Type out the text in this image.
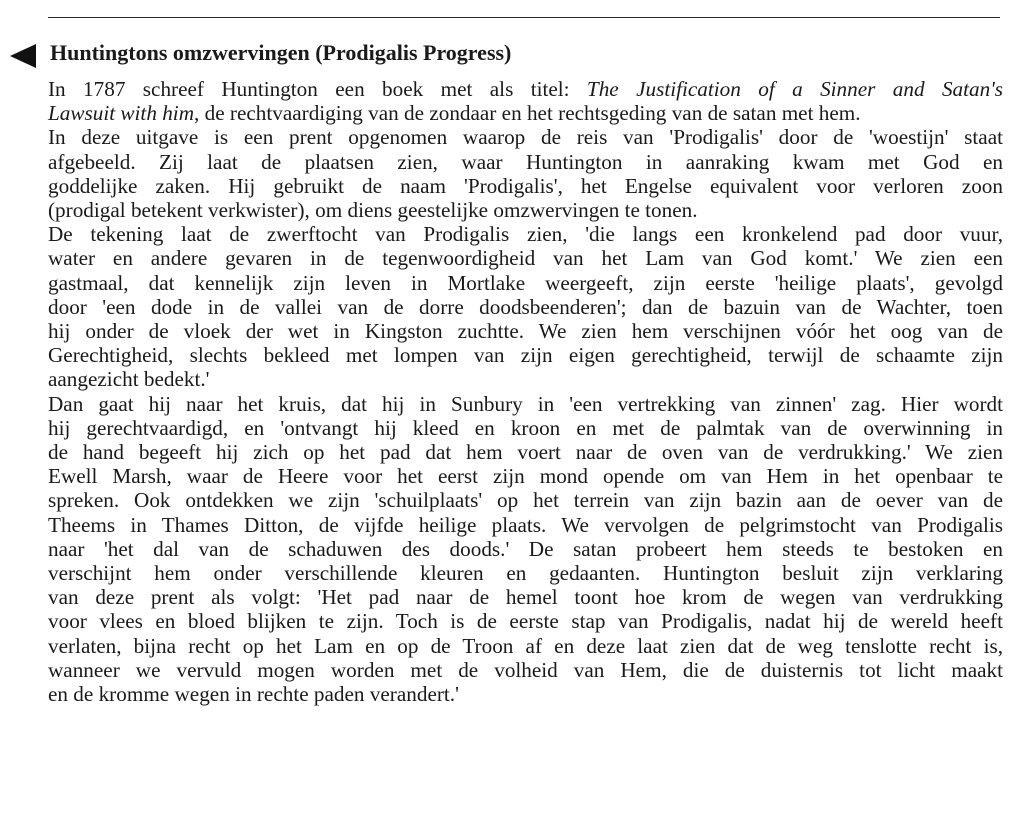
Huntingtons omzwervingen (Prodigalis Progress)
In 1787 schreef Huntington een boek met als titel: The Justification of a Sinner and Satan's
Lawsuit with him, de rechtvaardiging van de zondaar en het rechtsgeding van de satan met hem.
In deze uitgave is een prent opgenomen waarop de reis van 'Prodigalis' door de 'woestijn' staat
afgebeeld. Zij laat de plaatsen zien, waar Huntington in aanraking kwam met God en
goddelijke zaken. Hij gebruikt de naam 'Prodigalis', het Engelse equivalent voor verloren zoon
(prodigal betekent verkwister), om diens geestelijke omzwervingen te tonen.
De tekening laat de zwerftocht van Prodigalis zien, 'die langs een kronkelend pad door vuur,
water en andere gevaren in de tegenwoordigheid van het Lam van God komt.' We zien een
gastmaal, dat kennelijk zijn leven in Mortlake weergeeft, zijn eerste 'heilige plaats', gevolgd
door 'een dode in de vallei van de dorre doodsbeenderen'; dan de bazuin van de Wachter, toen
hij onder de vloek der wet in Kingston zuchtte. We zien hem verschijnen vóór het oog van de
Gerechtigheid, slechts bekleed met lompen van zijn eigen gerechtigheid, terwijl de schaamte zijn
aangezicht bedekt.'
Dan gaat hij naar het kruis, dat hij in Sunbury in 'een vertrekking van zinnen' zag. Hier wordt
hij gerechtvaardigd, en 'ontvangt hij kleed en kroon en met de palmtak van de overwinning in
de hand begeeft hij zich op het pad dat hem voert naar de oven van de verdrukking.' We zien
Ewell Marsh, waar de Heere voor het eerst zijn mond opende om van Hem in het openbaar te
spreken. Ook ontdekken we zijn 'schuilplaats' op het terrein van zijn bazin aan de oever van de
Theems in Thames Ditton, de vijfde heilige plaats. We vervolgen de pelgrimstocht van Prodigalis
naar 'het dal van de schaduwen des doods.' De satan probeert hem steeds te bestoken en
verschijnt hem onder verschillende kleuren en gedaanten. Huntington besluit zijn verklaring
van deze prent als volgt: 'Het pad naar de hemel toont hoe krom de wegen van verdrukking
voor vlees en bloed blijken te zijn. Toch is de eerste stap van Prodigalis, nadat hij de wereld heeft
verlaten, bijna recht op het Lam en op de Troon af en deze laat zien dat de weg tenslotte recht is,
wanneer we vervuld mogen worden met de volheid van Hem, die de duisternis tot licht maakt
en de kromme wegen in rechte paden verandert.'
